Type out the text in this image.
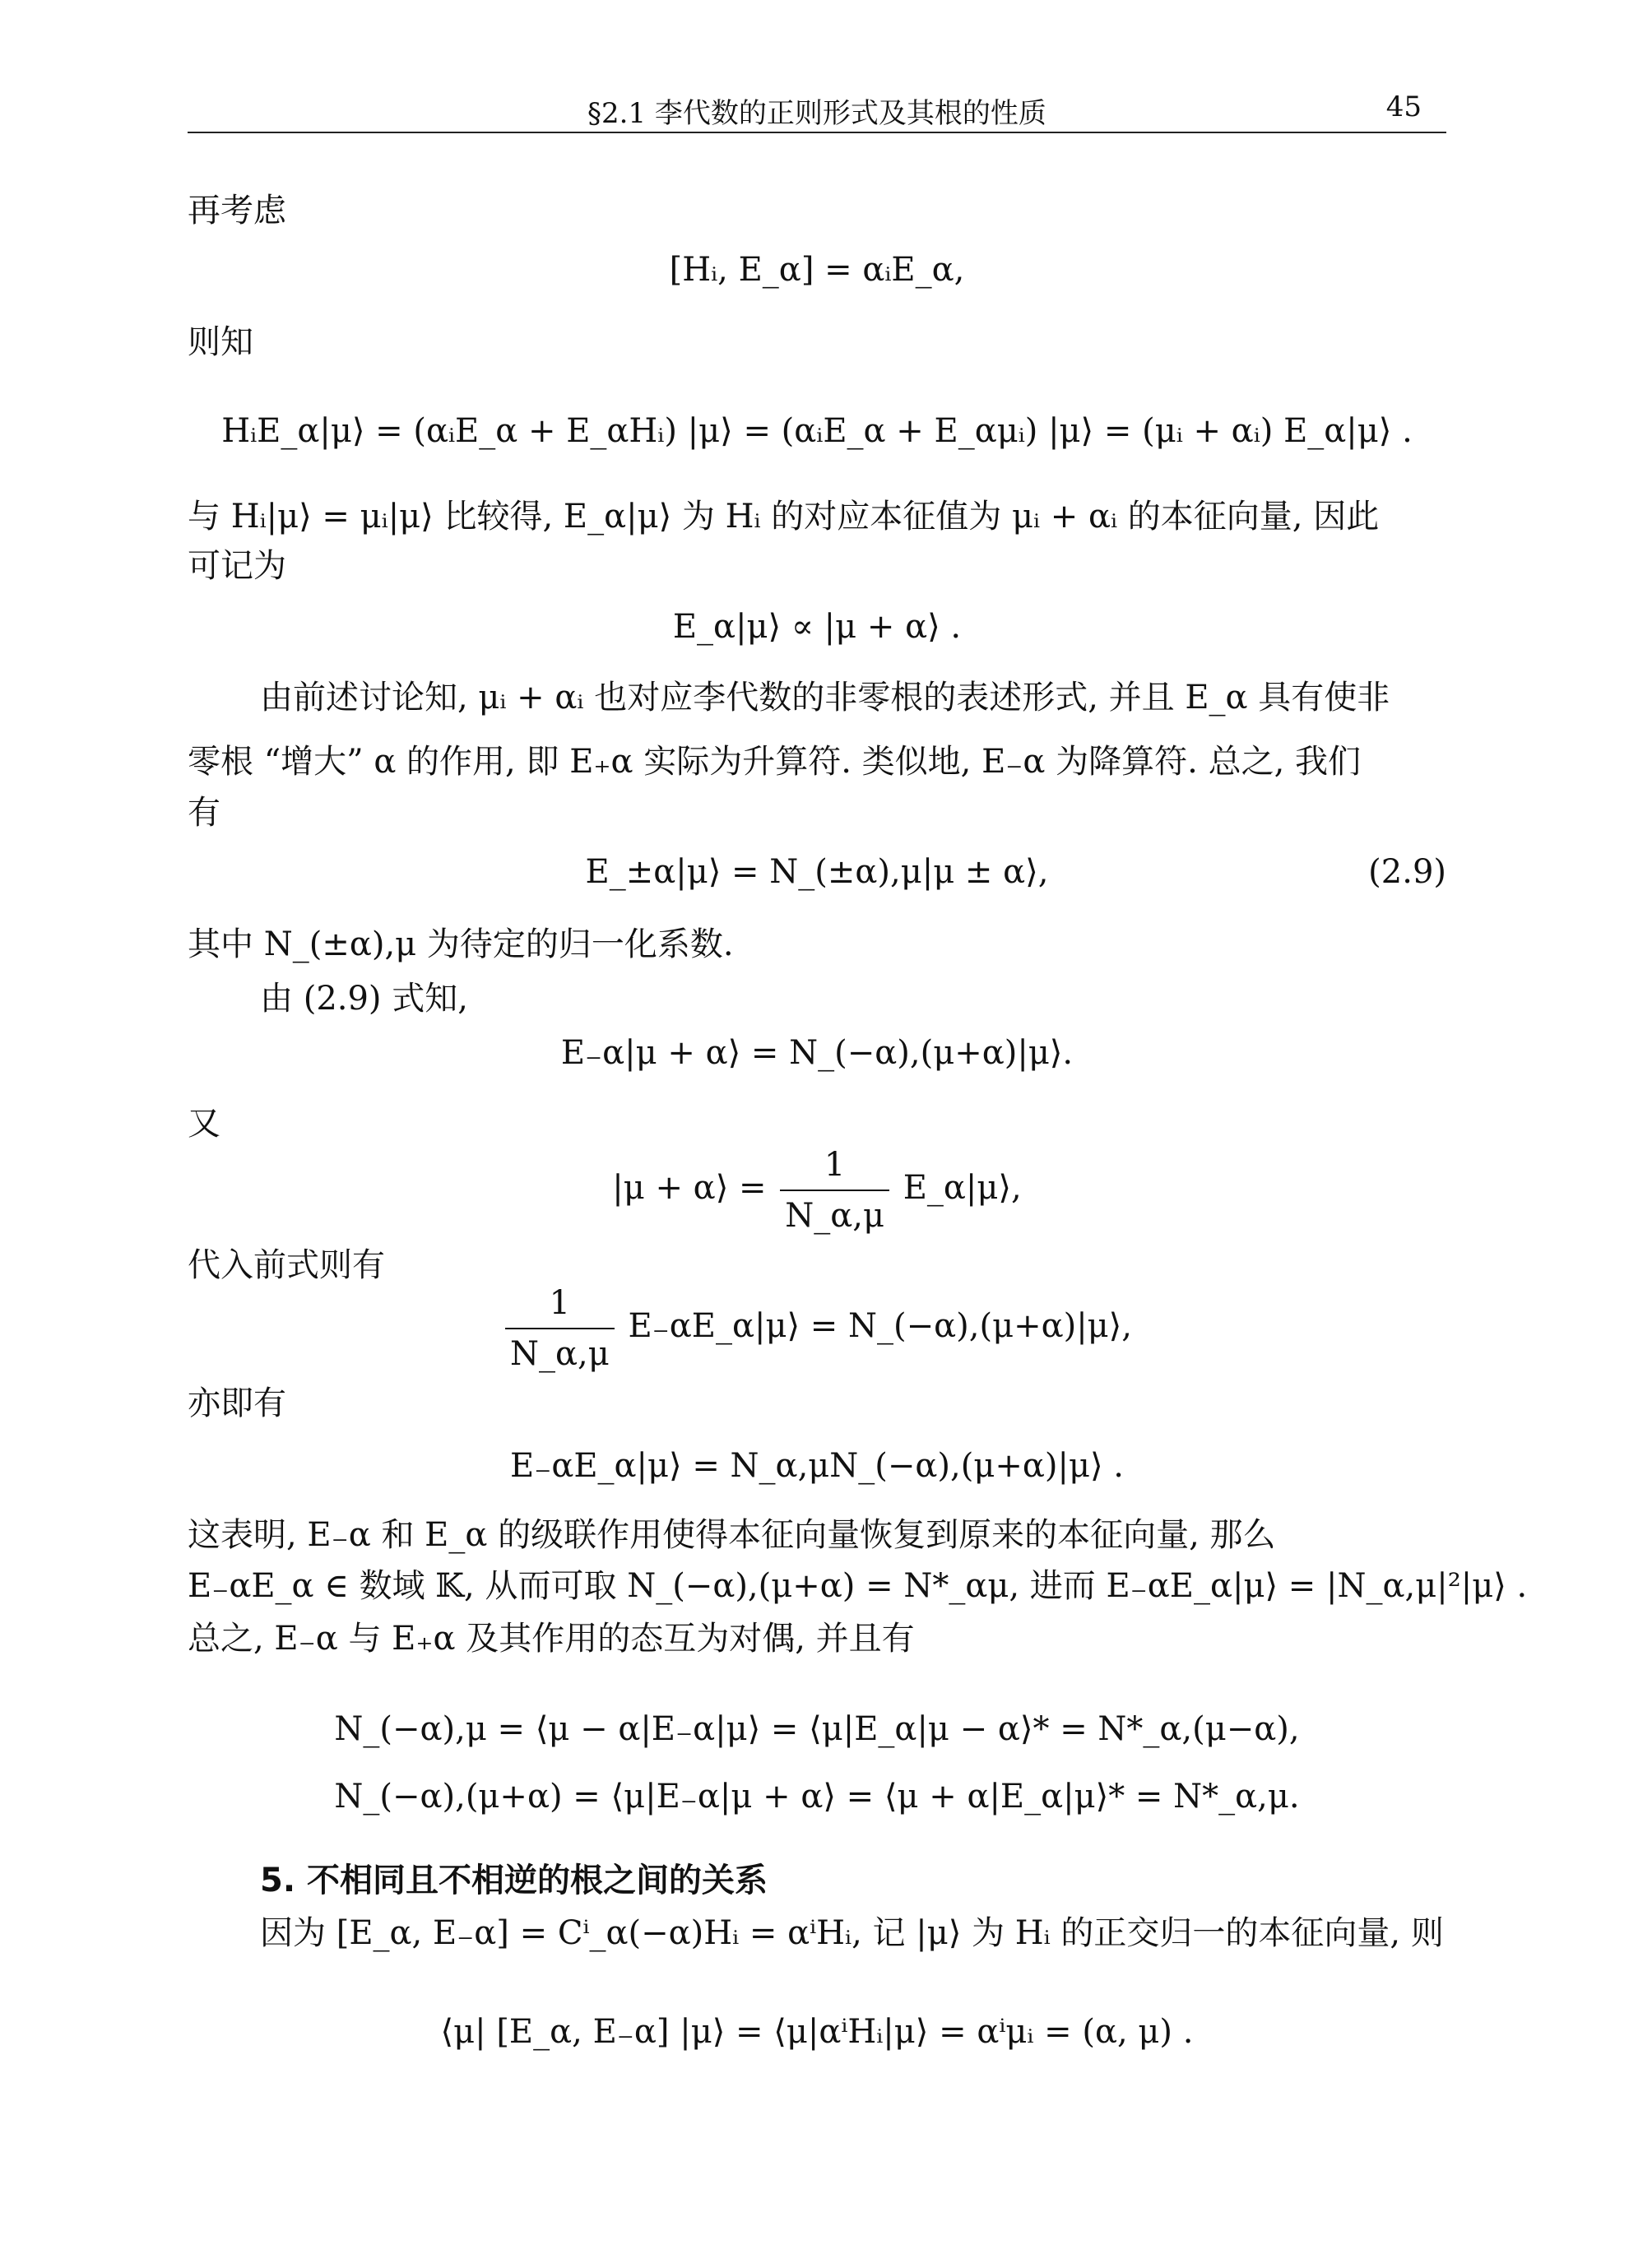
§2.1 李代数的正则形式及其根的性质	45
再考虑
[Hᵢ, E_α] = αᵢE_α,
则知
HᵢE_α|μ⟩ = (αᵢE_α + E_αHᵢ) |μ⟩ = (αᵢE_α + E_αμᵢ) |μ⟩ = (μᵢ + αᵢ) E_α|μ⟩ .
与 Hᵢ|μ⟩ = μᵢ|μ⟩ 比较得, E_α|μ⟩ 为 Hᵢ 的对应本征值为 μᵢ + αᵢ 的本征向量, 因此
可记为
E_α|μ⟩ ∝ |μ + α⟩ .
由前述讨论知, μᵢ + αᵢ 也对应李代数的非零根的表述形式, 并且 E_α 具有使非
零根 “增大” α 的作用, 即 E₊α 实际为升算符. 类似地, E₋α 为降算符. 总之, 我们
有
E_±α|μ⟩ = N_(±α),μ|μ ± α⟩,	(2.9)
其中 N_(±α),μ 为待定的归一化系数.
由 (2.9) 式知,
E₋α|μ + α⟩ = N_(−α),(μ+α)|μ⟩.
又
|μ + α⟩ = $\frac{1}{N\_\alpha,\mu}$ E_α|μ⟩,
代入前式则有
$\frac{1}{N\_\alpha,\mu}$ E₋αE_α|μ⟩ = N_(−α),(μ+α)|μ⟩,
亦即有
E₋αE_α|μ⟩ = N_α,μN_(−α),(μ+α)|μ⟩ .
这表明, E₋α 和 E_α 的级联作用使得本征向量恢复到原来的本征向量, 那么
E₋αE_α ∈ 数域 𝕂, 从而可取 N_(−α),(μ+α) = N*_αμ, 进而 E₋αE_α|μ⟩ = |N_α,μ|²|μ⟩ .
总之, E₋α 与 E₊α 及其作用的态互为对偶, 并且有
N_(−α),μ = ⟨μ − α|E₋α|μ⟩ = ⟨μ|E_α|μ − α⟩* = N*_α,(μ−α),
N_(−α),(μ+α) = ⟨μ|E₋α|μ + α⟩ = ⟨μ + α|E_α|μ⟩* = N*_α,μ.
5. 不相同且不相逆的根之间的关系
因为 [E_α, E₋α] = Cⁱ_α(−α)Hᵢ = αⁱHᵢ, 记 |μ⟩ 为 Hᵢ 的正交归一的本征向量, 则
⟨μ| [E_α, E₋α] |μ⟩ = ⟨μ|αⁱHᵢ|μ⟩ = αⁱμᵢ = (α, μ) .
